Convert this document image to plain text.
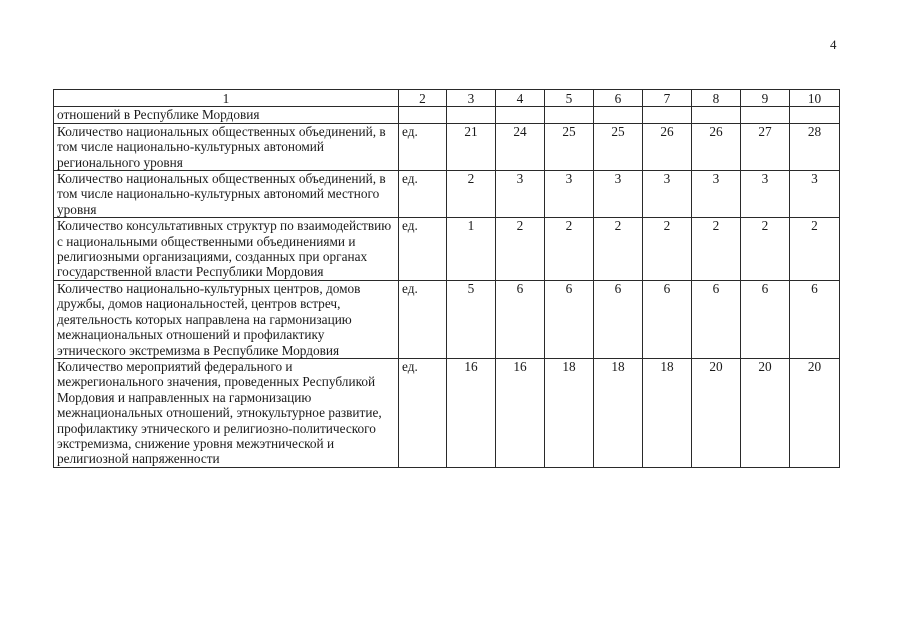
4
1	2	3	4	5	6	7	8	9	10
отношений в Республике Мордовия									
Количество национальных общественных объединений, в том числе национально-культурных автономий регионального уровня	ед.	21	24	25	25	26	26	27	28
Количество национальных общественных объединений, в том числе национально-культурных автономий местного уровня	ед.	2	3	3	3	3	3	3	3
Количество консультативных структур по взаимодействию с национальными общественными объединениями и религиозными организациями, созданных при органах государственной власти Республики Мордовия	ед.	1	2	2	2	2	2	2	2
Количество национально-культурных центров, домов дружбы, домов национальностей, центров встреч, деятельность которых направлена на гармонизацию межнациональных отношений и профилактику этнического экстремизма в Республике Мордовия	ед.	5	6	6	6	6	6	6	6
Количество мероприятий федерального и межрегионального значения, проведенных Республикой Мордовия и направленных на гармонизацию межнациональных отношений, этнокультурное развитие, профилактику этнического и религиозно-политического экстремизма, снижение уровня межэтнической и религиозной напряженности	ед.	16	16	18	18	18	20	20	20
